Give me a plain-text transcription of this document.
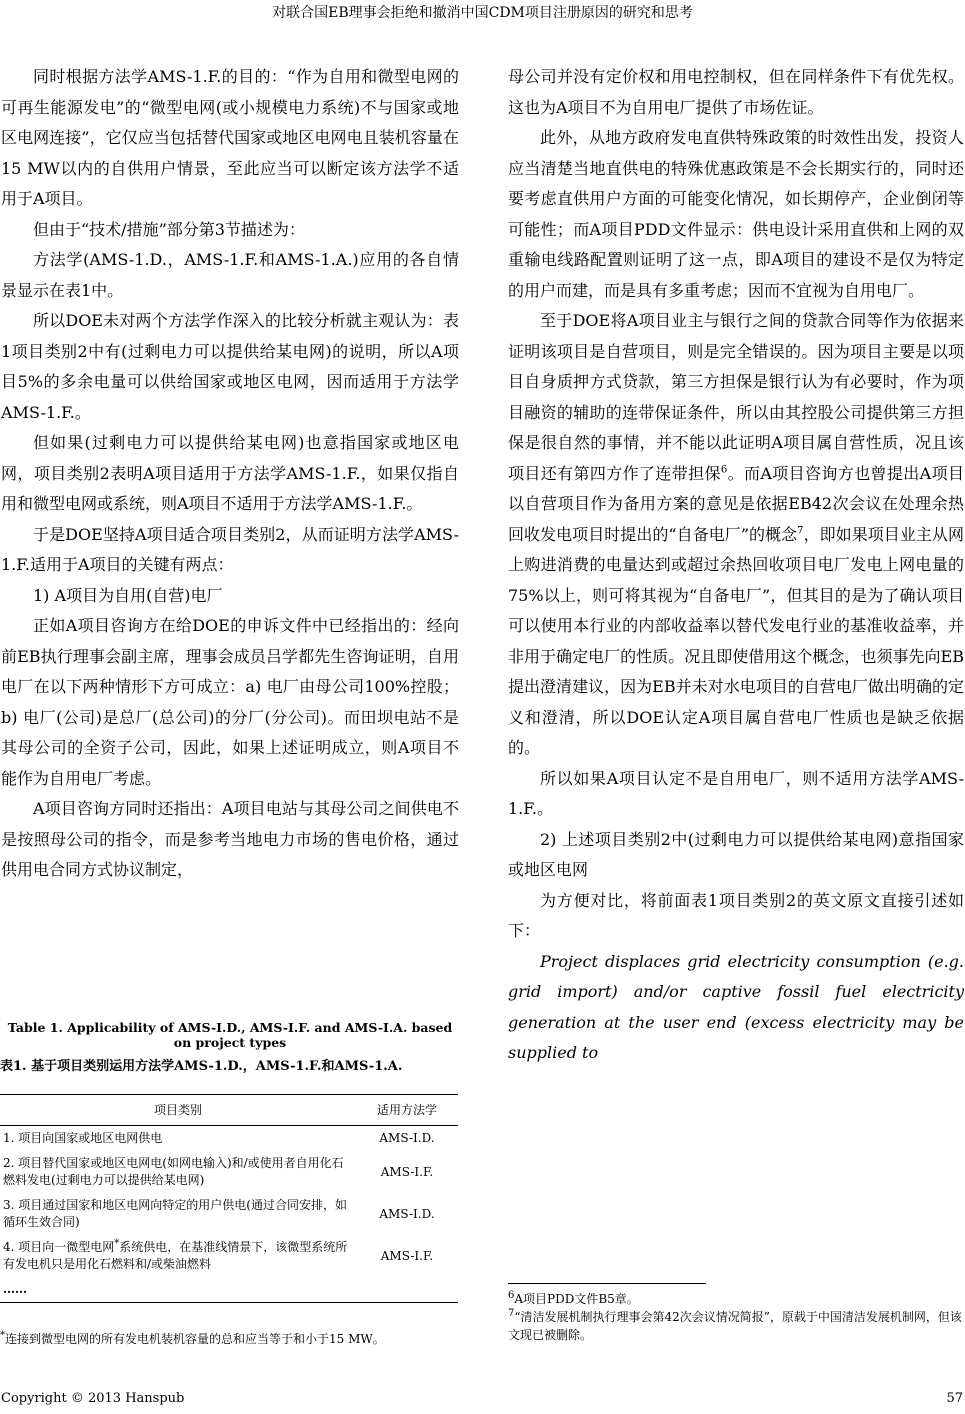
对联合国EB理事会拒绝和撤消中国CDM项目注册原因的研究和思考

同时根据方法学AMS-1.F.的目的：“作为自用和微型电网的可再生能源发电”的“微型电网(或小规模电力系统)不与国家或地区电网连接”，它仅应当包括替代国家或地区电网电且装机容量在15 MW以内的自供用户情景，至此应当可以断定该方法学不适用于A项目。

但由于“技术/措施”部分第3节描述为：

方法学(AMS-1.D.，AMS-1.F.和AMS-1.A.)应用的各自情景显示在表1中。

所以DOE未对两个方法学作深入的比较分析就主观认为：表1项目类别2中有(过剩电力可以提供给某电网)的说明，所以A项目5%的多余电量可以供给国家或地区电网，因而适用于方法学AMS-1.F.。

但如果(过剩电力可以提供给某电网)也意指国家或地区电网，项目类别2表明A项目适用于方法学AMS-1.F.，如果仅指自用和微型电网或系统，则A项目不适用于方法学AMS-1.F.。

于是DOE坚持A项目适合项目类别2，从而证明方法学AMS-1.F.适用于A项目的关键有两点：

1) A项目为自用(自营)电厂

正如A项目咨询方在给DOE的申诉文件中已经指出的：经向前EB执行理事会副主席，理事会成员吕学都先生咨询证明，自用电厂在以下两种情形下方可成立：a) 电厂由母公司100%控股；b) 电厂(公司)是总厂(总公司)的分厂(分公司)。而田坝电站不是其母公司的全资子公司，因此，如果上述证明成立，则A项目不能作为自用电厂考虑。

A项目咨询方同时还指出：A项目电站与其母公司之间供电不是按照母公司的指令，而是参考当地电力市场的售电价格，通过供用电合同方式协议制定，

Table 1. Applicability of AMS-I.D., AMS-I.F. and AMS-I.A. based on project types
表1. 基于项目类别运用方法学AMS-1.D.，AMS-1.F.和AMS-1.A.
项目类别	适用方法学
1. 项目向国家或地区电网供电	AMS-I.D.
2. 项目替代国家或地区电网电(如网电输入)和/或使用者自用化石燃料发电(过剩电力可以提供给某电网)	AMS-I.F.
3. 项目通过国家和地区电网向特定的用户供电(通过合同安排，如循环生效合同)	AMS-I.D.
4. 项目向一微型电网*系统供电，在基准线情景下，该微型系统所有发电机只是用化石燃料和/或柴油燃料	AMS-I.F.
……	
*连接到微型电网的所有发电机装机容量的总和应当等于和小于15 MW。

母公司并没有定价权和用电控制权，但在同样条件下有优先权。这也为A项目不为自用电厂提供了市场佐证。

此外，从地方政府发电直供特殊政策的时效性出发，投资人应当清楚当地直供电的特殊优惠政策是不会长期实行的，同时还要考虑直供用户方面的可能变化情况，如长期停产，企业倒闭等可能性；而A项目PDD文件显示：供电设计采用直供和上网的双重输电线路配置则证明了这一点，即A项目的建设不是仅为特定的用户而建，而是具有多重考虑；因而不宜视为自用电厂。

至于DOE将A项目业主与银行之间的贷款合同等作为依据来证明该项目是自营项目，则是完全错误的。因为项目主要是以项目自身质押方式贷款，第三方担保是银行认为有必要时，作为项目融资的辅助的连带保证条件，所以由其控股公司提供第三方担保是很自然的事情，并不能以此证明A项目属自营性质，况且该项目还有第四方作了连带担保$^6$。而A项目咨询方也曾提出A项目以自营项目作为备用方案的意见是依据EB42次会议在处理余热回收发电项目时提出的“自备电厂”的概念$^7$，即如果项目业主从网上购进消费的电量达到或超过余热回收项目电厂发电上网电量的75%以上，则可将其视为“自备电厂”，但其目的是为了确认项目可以使用本行业的内部收益率以替代发电行业的基准收益率，并非用于确定电厂的性质。况且即使借用这个概念，也须事先向EB提出澄清建议，因为EB并未对水电项目的自营电厂做出明确的定义和澄清，所以DOE认定A项目属自营电厂性质也是缺乏依据的。

所以如果A项目认定不是自用电厂，则不适用方法学AMS-1.F.。

2) 上述项目类别2中(过剩电力可以提供给某电网)意指国家或地区电网

为方便对比，将前面表1项目类别2的英文原文直接引述如下：

Project displaces grid electricity consumption (e.g. grid import) and/or captive fossil fuel electricity generation at the user end (excess electricity may be supplied to

$^6$A项目PDD文件B5章。

$^7$“清洁发展机制执行理事会第42次会议情况简报”，原载于中国清洁发展机制网，但该文现已被删除。

Copyright © 2013 Hanspub	57
